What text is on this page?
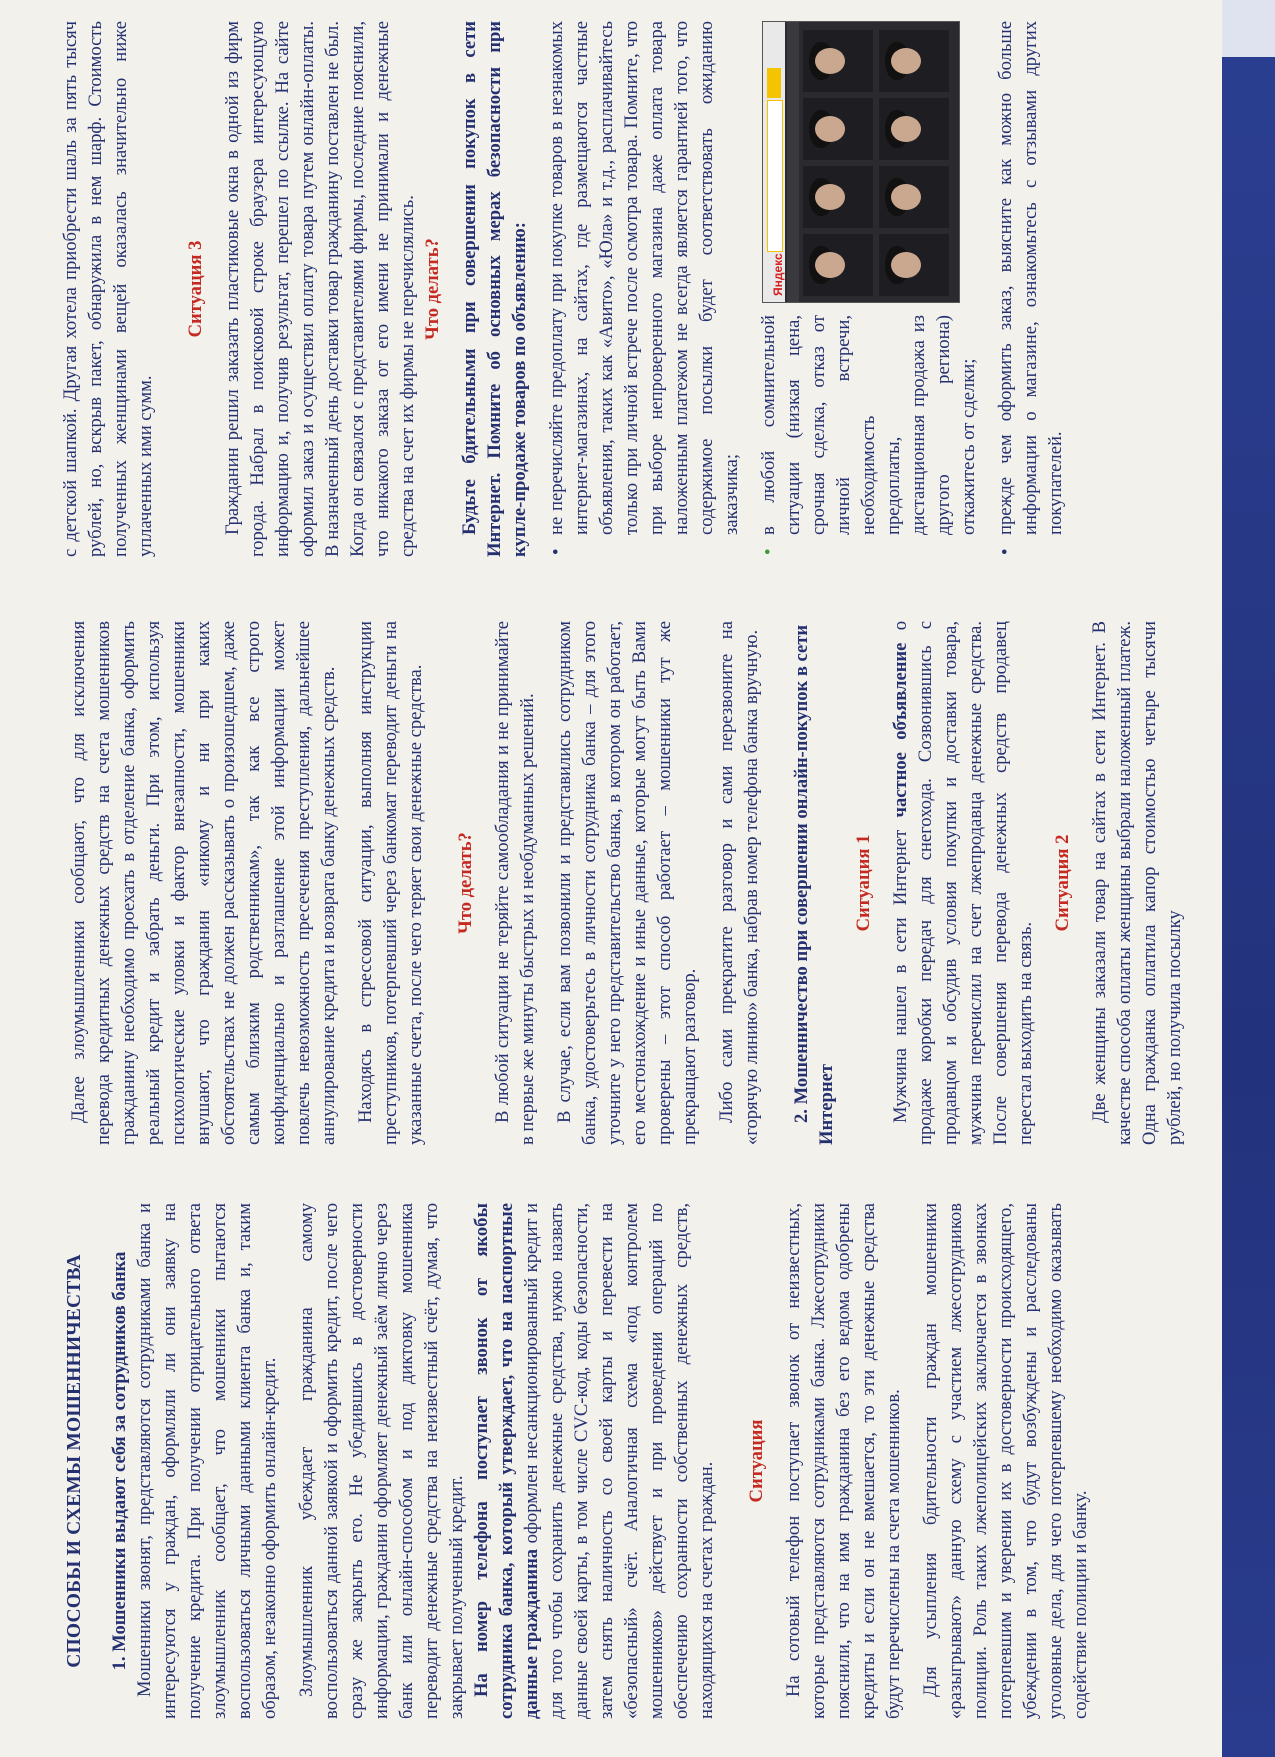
СПОСОБЫ И СХЕМЫ МОШЕННИЧЕСТВА 1. Мошенники выдают себя за сотрудников банка Мошенники звонят, представляются сотрудниками банка и интересуются у граждан, оформляли ли они заявку на получение кредита. При получении отрицательного ответа злоумышленник сообщает, что мошенники пытаются воспользоваться личными данными клиента банка и, таким образом, незаконно оформить онлайн-кредит. Злоумышленник убеждает гражданина самому воспользоваться данной заявкой и оформить кредит, после чего сразу же закрыть его. Не убедившись в достоверности информации, гражданин оформляет денежный заём лично через банк или онлайн-способом и под диктовку мошенника переводит денежные средства на неизвестный счёт, думая, что закрывает полученный кредит. На номер телефона поступает звонок от якобы сотрудника банка, который утверждает, что на паспортные данные гражданина оформлен несанкционированный кредит и для того чтобы сохранить денежные средства, нужно назвать данные своей карты, в том числе CVC-код, коды безопасности, затем снять наличность со своей карты и перевести на «безопасный» счёт. Аналогичная схема «под контролем мошенников» действует и при проведении операций по обеспечению сохранности собственных денежных средств, находящихся на счетах граждан.

Ситуация На сотовый телефон поступает звонок от неизвестных, которые представляются сотрудниками банка. Лжесотрудники пояснили, что на имя гражданина без его ведома одобрены кредиты и если он не вмешается, то эти денежные средства будут перечислены на счета мошенников. Для усыпления бдительности граждан мошенники «разыгрывают» данную схему с участием лжесотрудников полиции. Роль таких лжеполицейских заключается в звонках потерпевшим и уверении их в достоверности происходящего, убеждении в том, что будут возбуждены и расследованы уголовные дела, для чего потерпевшему необходимо оказывать содействие полиции и банку.

Далее злоумышленники сообщают, что для исключения перевода кредитных денежных средств на счета мошенников гражданину необходимо проехать в отделение банка, оформить реальный кредит и забрать деньги. При этом, используя психологические уловки и фактор внезапности, мошенники внушают, что гражданин «никому и ни при каких обстоятельствах не должен рассказывать о произошедшем, даже самым близким родственникам», так как все строго конфиденциально и разглашение этой информации может повлечь невозможность пресечения преступления, дальнейшее аннулирование кредита и возврата банку денежных средств. Находясь в стрессовой ситуации, выполняя инструкции преступников, потерпевший через банкомат переводит деньги на указанные счета, после чего теряет свои денежные средства. Что делать? В любой ситуации не теряйте самообладания и не принимайте в первые же минуты быстрых и необдуманных решений. В случае, если вам позвонили и представились сотрудником банка, удостоверьтесь в личности сотрудника банка – для этого уточните у него представительство банка, в котором он работает, его местонахождение и иные данные, которые могут быть Вами проверены – этот способ работает – мошенники тут же прекращают разговор. Либо сами прекратите разговор и сами перезвоните на «горячую линию» банка, набрав номер телефона банка вручную. 2. Мошенничество при совершении онлайн-покупок в сети Интернет
Ситуация 1 Мужчина нашел в сети Интернет частное объявление о продаже коробки передач для снегохода. Созвонившись с продавцом и обсудив условия покупки и доставки товара, мужчина перечислил на счет лжепродавца денежные средства. После совершения перевода денежных средств продавец перестал выходить на связь.

Ситуация 2 Две женщины заказали товар на сайтах в сети Интернет. В качестве способа оплаты женщины выбрали наложенный платеж. Одна гражданка оплатила капор стоимостью четыре тысячи рублей, но получила посылку

с детской шапкой. Другая хотела приобрести шаль за пять тысяч рублей, но, вскрыв пакет, обнаружила в нем шарф. Стоимость полученных женщинами вещей оказалась значительно ниже уплаченных ими сумм.

Ситуация 3 Гражданин решил заказать пластиковые окна в одной из фирм города. Набрал в поисковой строке браузера интересующую информацию и, получив результат, перешел по ссылке. На сайте оформил заказ и осуществил оплату товара путем онлайн-оплаты. В назначенный день доставки товар гражданину поставлен не был. Когда он связался с представителями фирмы, последние пояснили, что никакого заказа от его имени не принимали и денежные средства на счет их фирмы не перечислялись. Что делать? Будьте бдительными при совершении покупок в сети Интернет. Помните об основных мерах безопасности при купле-продаже товаров по объявлению: •
не перечисляйте предоплату при покупке товаров в незнакомых интернет-магазинах, на сайтах, где размещаются частные объявления, таких как «Авито», «Юла» и т.д., расплачивайтесь только при личной встрече после осмотра товара. Помните, что при выборе непроверенного магазина даже оплата товара наложенным платежом не всегда является гарантией того, что содержимое посылки будет соответствовать ожиданию заказчика;
Яндекс
•
в любой сомнительной ситуации (низкая цена, срочная сделка, отказ от личной встречи, необходимость предоплаты, дистанционная продажа из другого региона) откажитесь от сделки;
•
прежде чем оформить заказ, выясните как можно больше информации о магазине, ознакомьтесь с отзывами других покупателей.
